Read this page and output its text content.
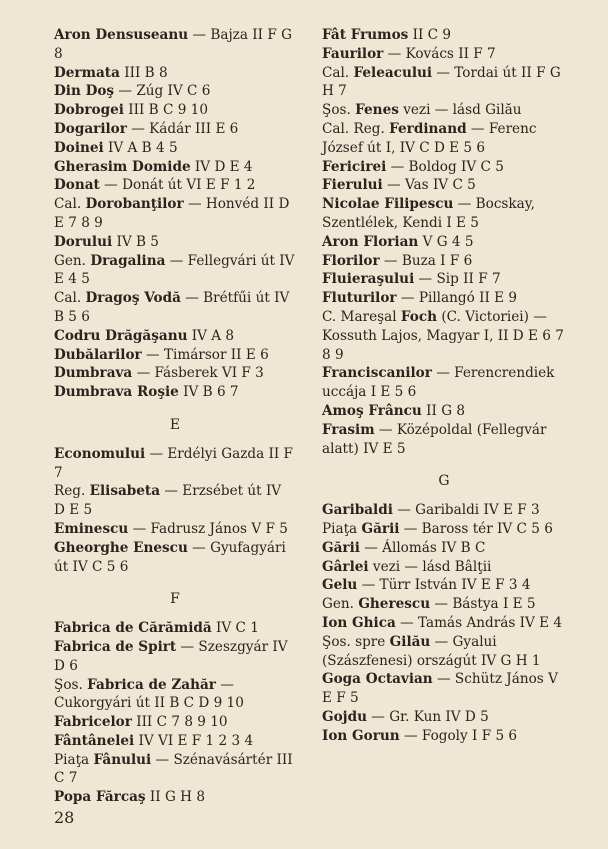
Aron Densuseanu — Bajza II F G 8

Dermata III B 8

Din Doş — Zúg IV C 6

Dobrogei III B C 9 10

Dogarilor — Kádár III E 6

Doinei IV A B 4 5

Gherasim Domide IV D E 4

Donat — Donát út VI E F 1 2

Cal. Dorobanţilor — Honvéd II D E 7 8 9

Dorului IV B 5

Gen. Dragalina — Fellegvári út IV E 4 5

Cal. Dragoş Vodă — Brétfűi út IV B 5 6

Codru Drăgăşanu IV A 8

Dubălarilor — Timársor II E 6

Dumbrava — Fásberek VI F 3

Dumbrava Roşie IV B 6 7

E

Economului — Erdélyi Gazda II F 7

Reg. Elisabeta — Erzsébet út IV D E 5

Eminescu — Fadrusz János V F 5

Gheorghe Enescu — Gyufagyári út IV C 5 6

F

Fabrica de Cărămidă IV C 1

Fabrica de Spirt — Szeszgyár IV D 6

Şos. Fabrica de Zahăr — Cukorgyári út II B C D 9 10

Fabricelor III C 7 8 9 10

Fântânelei IV VI E F 1 2 3 4

Piaţa Fânului — Szénavásártér III C 7

Popa Fărcaş II G H 8

Fât Frumos II C 9

Faurilor — Kovács II F 7

Cal. Feleacului — Tordai út II F G H 7

Şos. Fenes vezi — lásd Gilău

Cal. Reg. Ferdinand — Ferenc József út I, IV C D E 5 6

Fericirei — Boldog IV C 5

Fierului — Vas IV C 5

Nicolae Filipescu — Bocskay, Szentlélek, Kendi I E 5

Aron Florian V G 4 5

Florilor — Buza I F 6

Fluieraşului — Sip II F 7

Fluturilor — Pillangó II E 9

C. Mareşal Foch (C. Victoriei) — Kossuth Lajos, Magyar I, II D E 6 7 8 9

Franciscanilor — Ferencrendiek uccája I E 5 6

Amoş Frâncu II G 8

Frasim — Középoldal (Fellegvár alatt) IV E 5

G

Garibaldi — Garibaldi IV E F 3

Piaţa Gării — Baross tér IV C 5 6

Gării — Állomás IV B C

Gârlei vezi — lásd Bâlţii

Gelu — Türr István IV E F 3 4

Gen. Gherescu — Bástya I E 5

Ion Ghica — Tamás András IV E 4

Şos. spre Gilău — Gyalui (Szászfenesi) országút IV G H 1

Goga Octavian — Schütz János V E F 5

Gojdu — Gr. Kun IV D 5

Ion Gorun — Fogoly I F 5 6

28
